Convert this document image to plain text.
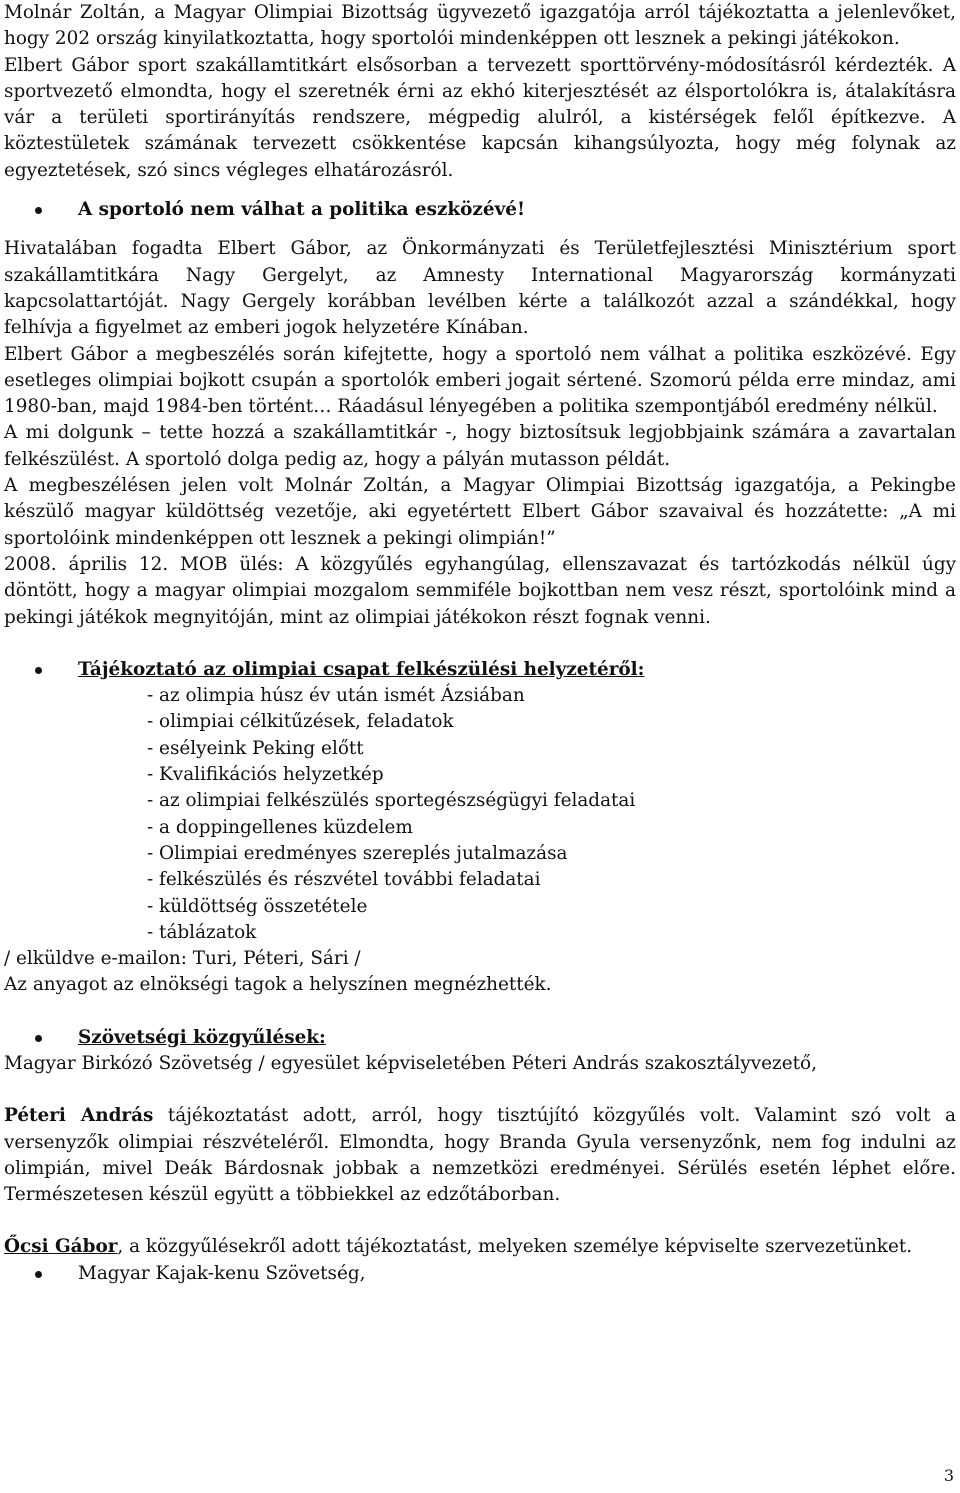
Molnár Zoltán, a Magyar Olimpiai Bizottság ügyvezető igazgatója arról tájékoztatta a jelenlevőket, hogy 202 ország kinyilatkoztatta, hogy sportolói mindenképpen ott lesznek a pekingi játékokon.

Elbert Gábor sport szakállamtitkárt elsősorban a tervezett sporttörvény-módosításról kérdezték. A sportvezető elmondta, hogy el szeretnék érni az ekhó kiterjesztését az élsportolókra is, átalakításra vár a területi sportirányítás rendszere, mégpedig alulról, a kistérségek felől építkezve. A köztestületek számának tervezett csökkentése kapcsán kihangsúlyozta, hogy még folynak az egyeztetések, szó sincs végleges elhatározásról.

A sportoló nem válhat a politika eszközévé!

Hivatalában fogadta Elbert Gábor, az Önkormányzati és Területfejlesztési Minisztérium sport szakállamtitkára Nagy Gergelyt, az Amnesty International Magyarország kormányzati kapcsolattartóját. Nagy Gergely korábban levélben kérte a találkozót azzal a szándékkal, hogy felhívja a figyelmet az emberi jogok helyzetére Kínában.

Elbert Gábor a megbeszélés során kifejtette, hogy a sportoló nem válhat a politika eszközévé. Egy esetleges olimpiai bojkott csupán a sportolók emberi jogait sértené. Szomorú példa erre mindaz, ami 1980-ban, majd 1984-ben történt… Ráadásul lényegében a politika szempontjából eredmény nélkül.

A mi dolgunk – tette hozzá a szakállamtitkár -, hogy biztosítsuk legjobbjaink számára a zavartalan felkészülést. A sportoló dolga pedig az, hogy a pályán mutasson példát.

A megbeszélésen jelen volt Molnár Zoltán, a Magyar Olimpiai Bizottság igazgatója, a Pekingbe készülő magyar küldöttség vezetője, aki egyetértett Elbert Gábor szavaival és hozzátette: „A mi sportolóink mindenképpen ott lesznek a pekingi olimpián!”

2008. április 12. MOB ülés: A közgyűlés egyhangúlag, ellenszavazat és tartózkodás nélkül úgy döntött, hogy a magyar olimpiai mozgalom semmiféle bojkottban nem vesz részt, sportolóink mind a pekingi játékok megnyitóján, mint az olimpiai játékokon részt fognak venni.

Tájékoztató az olimpiai csapat felkészülési helyzetéről:

- az olimpia húsz év után ismét Ázsiában
- olimpiai célkitűzések, feladatok
- esélyeink Peking előtt
- Kvalifikációs helyzetkép
- az olimpiai felkészülés sportegészségügyi feladatai
- a doppingellenes küzdelem
- Olimpiai eredményes szereplés jutalmazása
- felkészülés és részvétel további feladatai
- küldöttség összetétele
- táblázatok

/ elküldve e-mailon: Turi, Péteri, Sári /

Az anyagot az elnökségi tagok a helyszínen megnézhették.

Szövetségi közgyűlések:

Magyar Birkózó Szövetség / egyesület képviseletében Péteri András szakosztályvezető,

Péteri András tájékoztatást adott, arról, hogy tisztújító közgyűlés volt. Valamint szó volt a versenyzők olimpiai részvételéről. Elmondta, hogy Branda Gyula versenyzőnk, nem fog indulni az olimpián, mivel Deák Bárdosnak jobbak a nemzetközi eredményei. Sérülés esetén léphet előre. Természetesen készül együtt a többiekkel az edzőtáborban.

Őcsi Gábor, a közgyűlésekről adott tájékoztatást, melyeken személye képviselte szervezetünket.

Magyar Kajak-kenu Szövetség,

3
